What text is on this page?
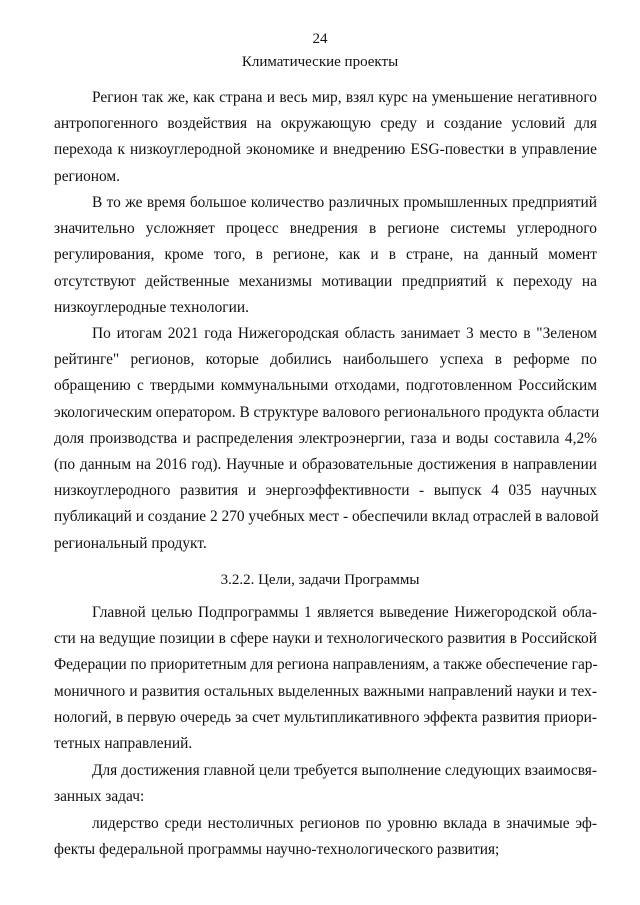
24
Климатические проекты
Регион так же, как страна и весь мир, взял курс на уменьшение негативного
антропогенного воздействия на окружающую среду и создание условий для
перехода к низкоуглеродной экономике и внедрению ESG-повестки в управление
регионом.
В то же время большое количество различных промышленных предприятий
значительно усложняет процесс внедрения в регионе системы углеродного
регулирования, кроме того, в регионе, как и в стране, на данный момент
отсутствуют действенные механизмы мотивации предприятий к переходу на
низкоуглеродные технологии.
По итогам 2021 года Нижегородская область занимает 3 место в "Зеленом
рейтинге" регионов, которые добились наибольшего успеха в реформе по
обращению с твердыми коммунальными отходами, подготовленном Российским
экологическим оператором. В структуре валового регионального продукта области
доля производства и распределения электроэнергии, газа и воды составила 4,2%
(по данным на 2016 год). Научные и образовательные достижения в направлении
низкоуглеродного развития и энергоэффективности - выпуск 4 035 научных
публикаций и создание 2 270 учебных мест - обеспечили вклад отраслей в валовой
региональный продукт.
3.2.2. Цели, задачи Программы
Главной целью Подпрограммы 1 является выведение Нижегородской обла-
сти на ведущие позиции в сфере науки и технологического развития в Российской
Федерации по приоритетным для региона направлениям, а также обеспечение гар-
моничного и развития остальных выделенных важными направлений науки и тех-
нологий, в первую очередь за счет мультипликативного эффекта развития приори-
тетных направлений.
Для достижения главной цели требуется выполнение следующих взаимосвя-
занных задач:
лидерство среди нестоличных регионов по уровню вклада в значимые эф-
фекты федеральной программы научно-технологического развития;
